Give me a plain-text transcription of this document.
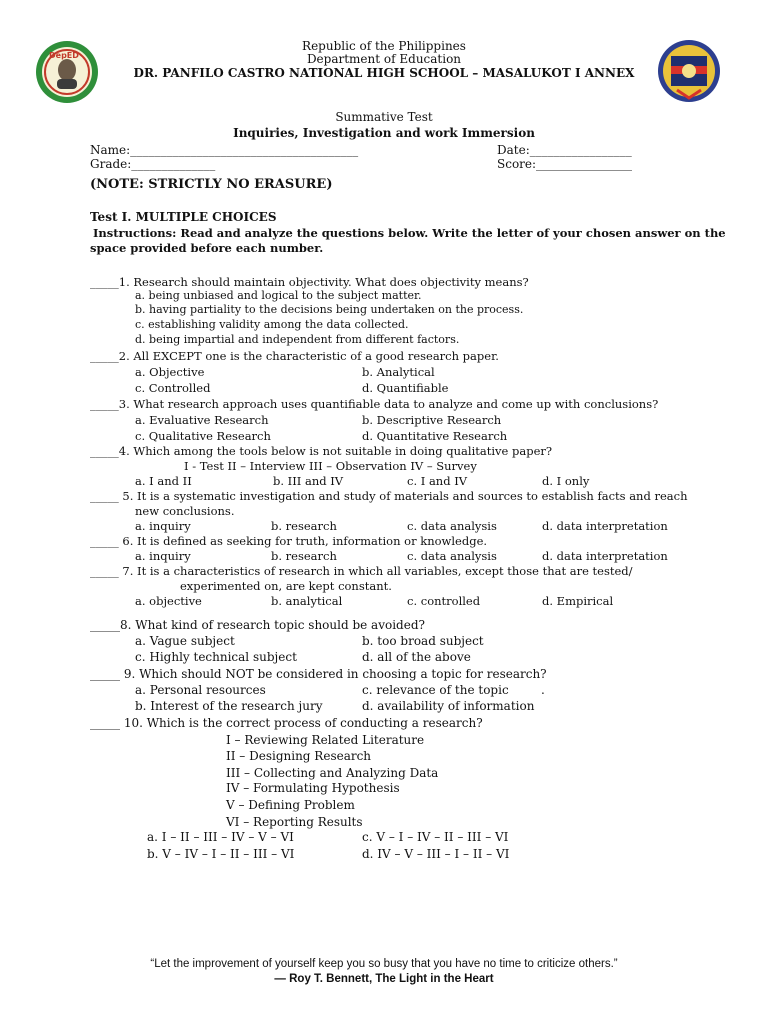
DepED
Republic of the Philippines
Department of Education
DR. PANFILO CASTRO NATIONAL HIGH SCHOOL – MASALUKOT I ANNEX
Summative Test
Inquiries, Investigation and work Immersion
Name:______________________________________	Date:_________________
Grade:______________	Score:________________
(NOTE: STRICTLY NO ERASURE)
Test I. MULTIPLE CHOICES
Instructions: Read and analyze the questions below. Write the letter of your chosen answer on the
space provided before each number.
_____1. Research should maintain objectivity. What does objectivity means?
a. being unbiased and logical to the subject matter.
b. having partiality to the decisions being undertaken on the process.
c. establishing validity among the data collected.
d. being impartial and independent from different factors.
_____2. All EXCEPT one is the characteristic of a good research paper.
a. Objective	b. Analytical
c. Controlled	d. Quantifiable
_____3. What research approach uses quantifiable data to analyze and come up with conclusions?
a. Evaluative Research	b. Descriptive Research
c. Qualitative Research	d. Quantitative Research
_____4. Which among the tools below is not suitable in doing qualitative paper?
I - Test II – Interview III – Observation IV – Survey
a. I and II	b. III and IV	c. I and IV	d. I only
_____ 5. It is a systematic investigation and study of materials and sources to establish facts and reach
new conclusions.
a. inquiry	b. research	c. data analysis	d. data interpretation
_____ 6. It is defined as seeking for truth, information or knowledge.
a. inquiry	b. research	c. data analysis	d. data interpretation
_____ 7. It is a characteristics of research in which all variables, except those that are tested/
experimented on, are kept constant.
a. objective	b. analytical	c. controlled	d. Empirical
_____8. What kind of research topic should be avoided?
a. Vague subject	b. too broad subject
c. Highly technical subject	d. all of the above
_____ 9. Which should NOT be considered in choosing a topic for research?
a. Personal resources	c. relevance of the topic	.
b. Interest of the research jury	d. availability of information
_____ 10. Which is the correct process of conducting a research?
I – Reviewing Related Literature
II – Designing Research
III – Collecting and Analyzing Data
IV – Formulating Hypothesis
V – Defining Problem
VI – Reporting Results
a. I – II – III – IV – V – VI	c. V – I – IV – II – III – VI
b. V – IV – I – II – III – VI	d. IV – V – III – I – II – VI
“Let the improvement of yourself keep you so busy that you have no time to criticize others.”
— Roy T. Bennett, The Light in the Heart
